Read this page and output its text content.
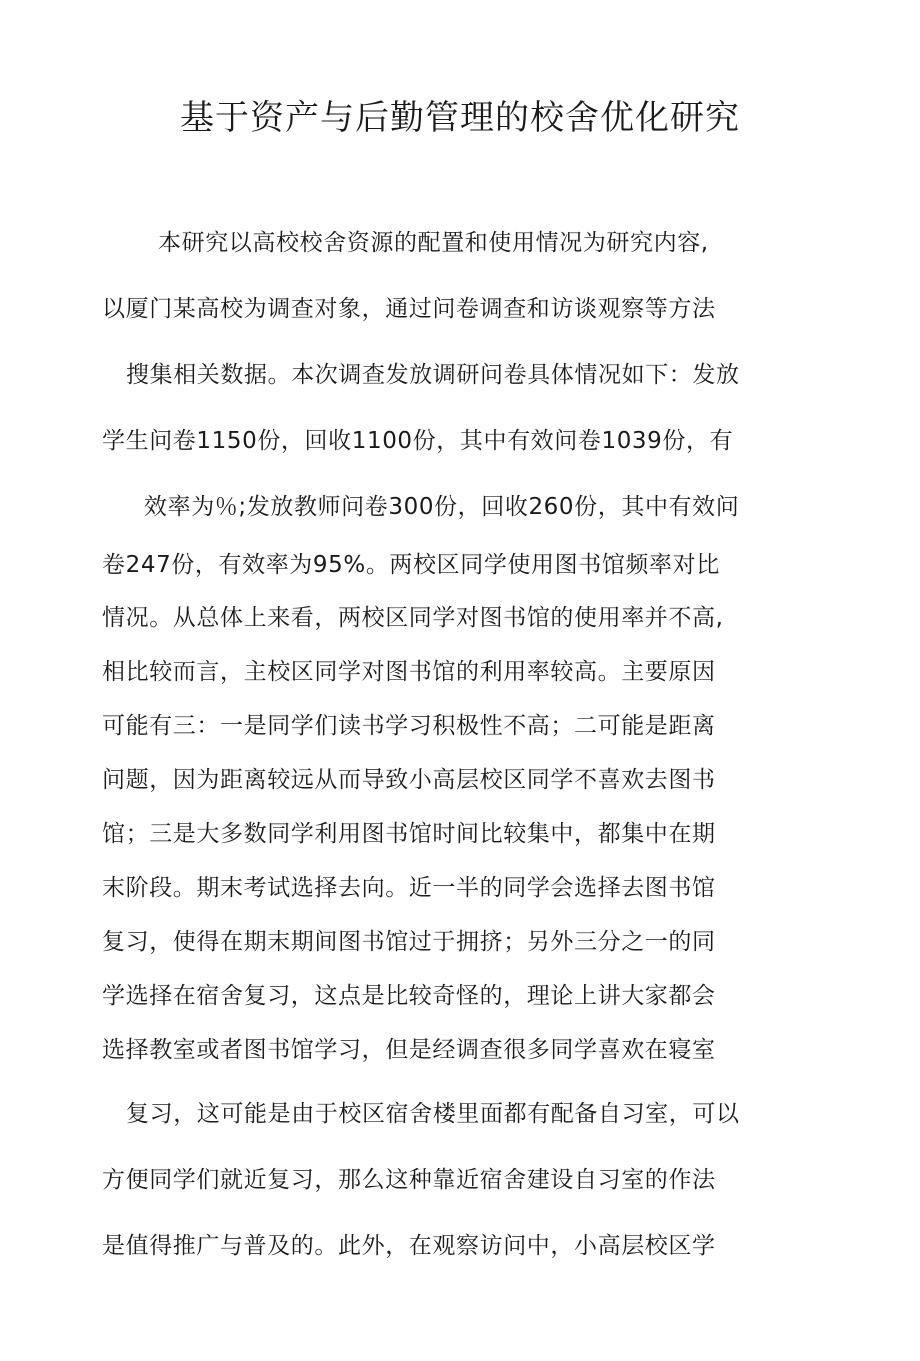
基于资产与后勤管理的校舍优化研究
本研究以高校校舍资源的配置和使用情况为研究内容,
以厦门某高校为调查对象，通过问卷调查和访谈观察等方法
搜集相关数据。本次调查发放调研问卷具体情况如下：发放
学生问卷1150份，回收1100份，其中有效问卷1039份，有
效率为％;发放教师问卷300份，回收260份，其中有效问
卷247份，有效率为95%。两校区同学使用图书馆频率对比
情况。从总体上来看，两校区同学对图书馆的使用率并不高,
相比较而言，主校区同学对图书馆的利用率较高。主要原因
可能有三：一是同学们读书学习积极性不高；二可能是距离
问题，因为距离较远从而导致小高层校区同学不喜欢去图书
馆；三是大多数同学利用图书馆时间比较集中，都集中在期
末阶段。期末考试选择去向。近一半的同学会选择去图书馆
复习，使得在期末期间图书馆过于拥挤；另外三分之一的同
学选择在宿舍复习，这点是比较奇怪的，理论上讲大家都会
选择教室或者图书馆学习，但是经调查很多同学喜欢在寝室
复习，这可能是由于校区宿舍楼里面都有配备自习室，可以
方便同学们就近复习，那么这种靠近宿舍建设自习室的作法
是值得推广与普及的。此外，在观察访问中，小高层校区学
